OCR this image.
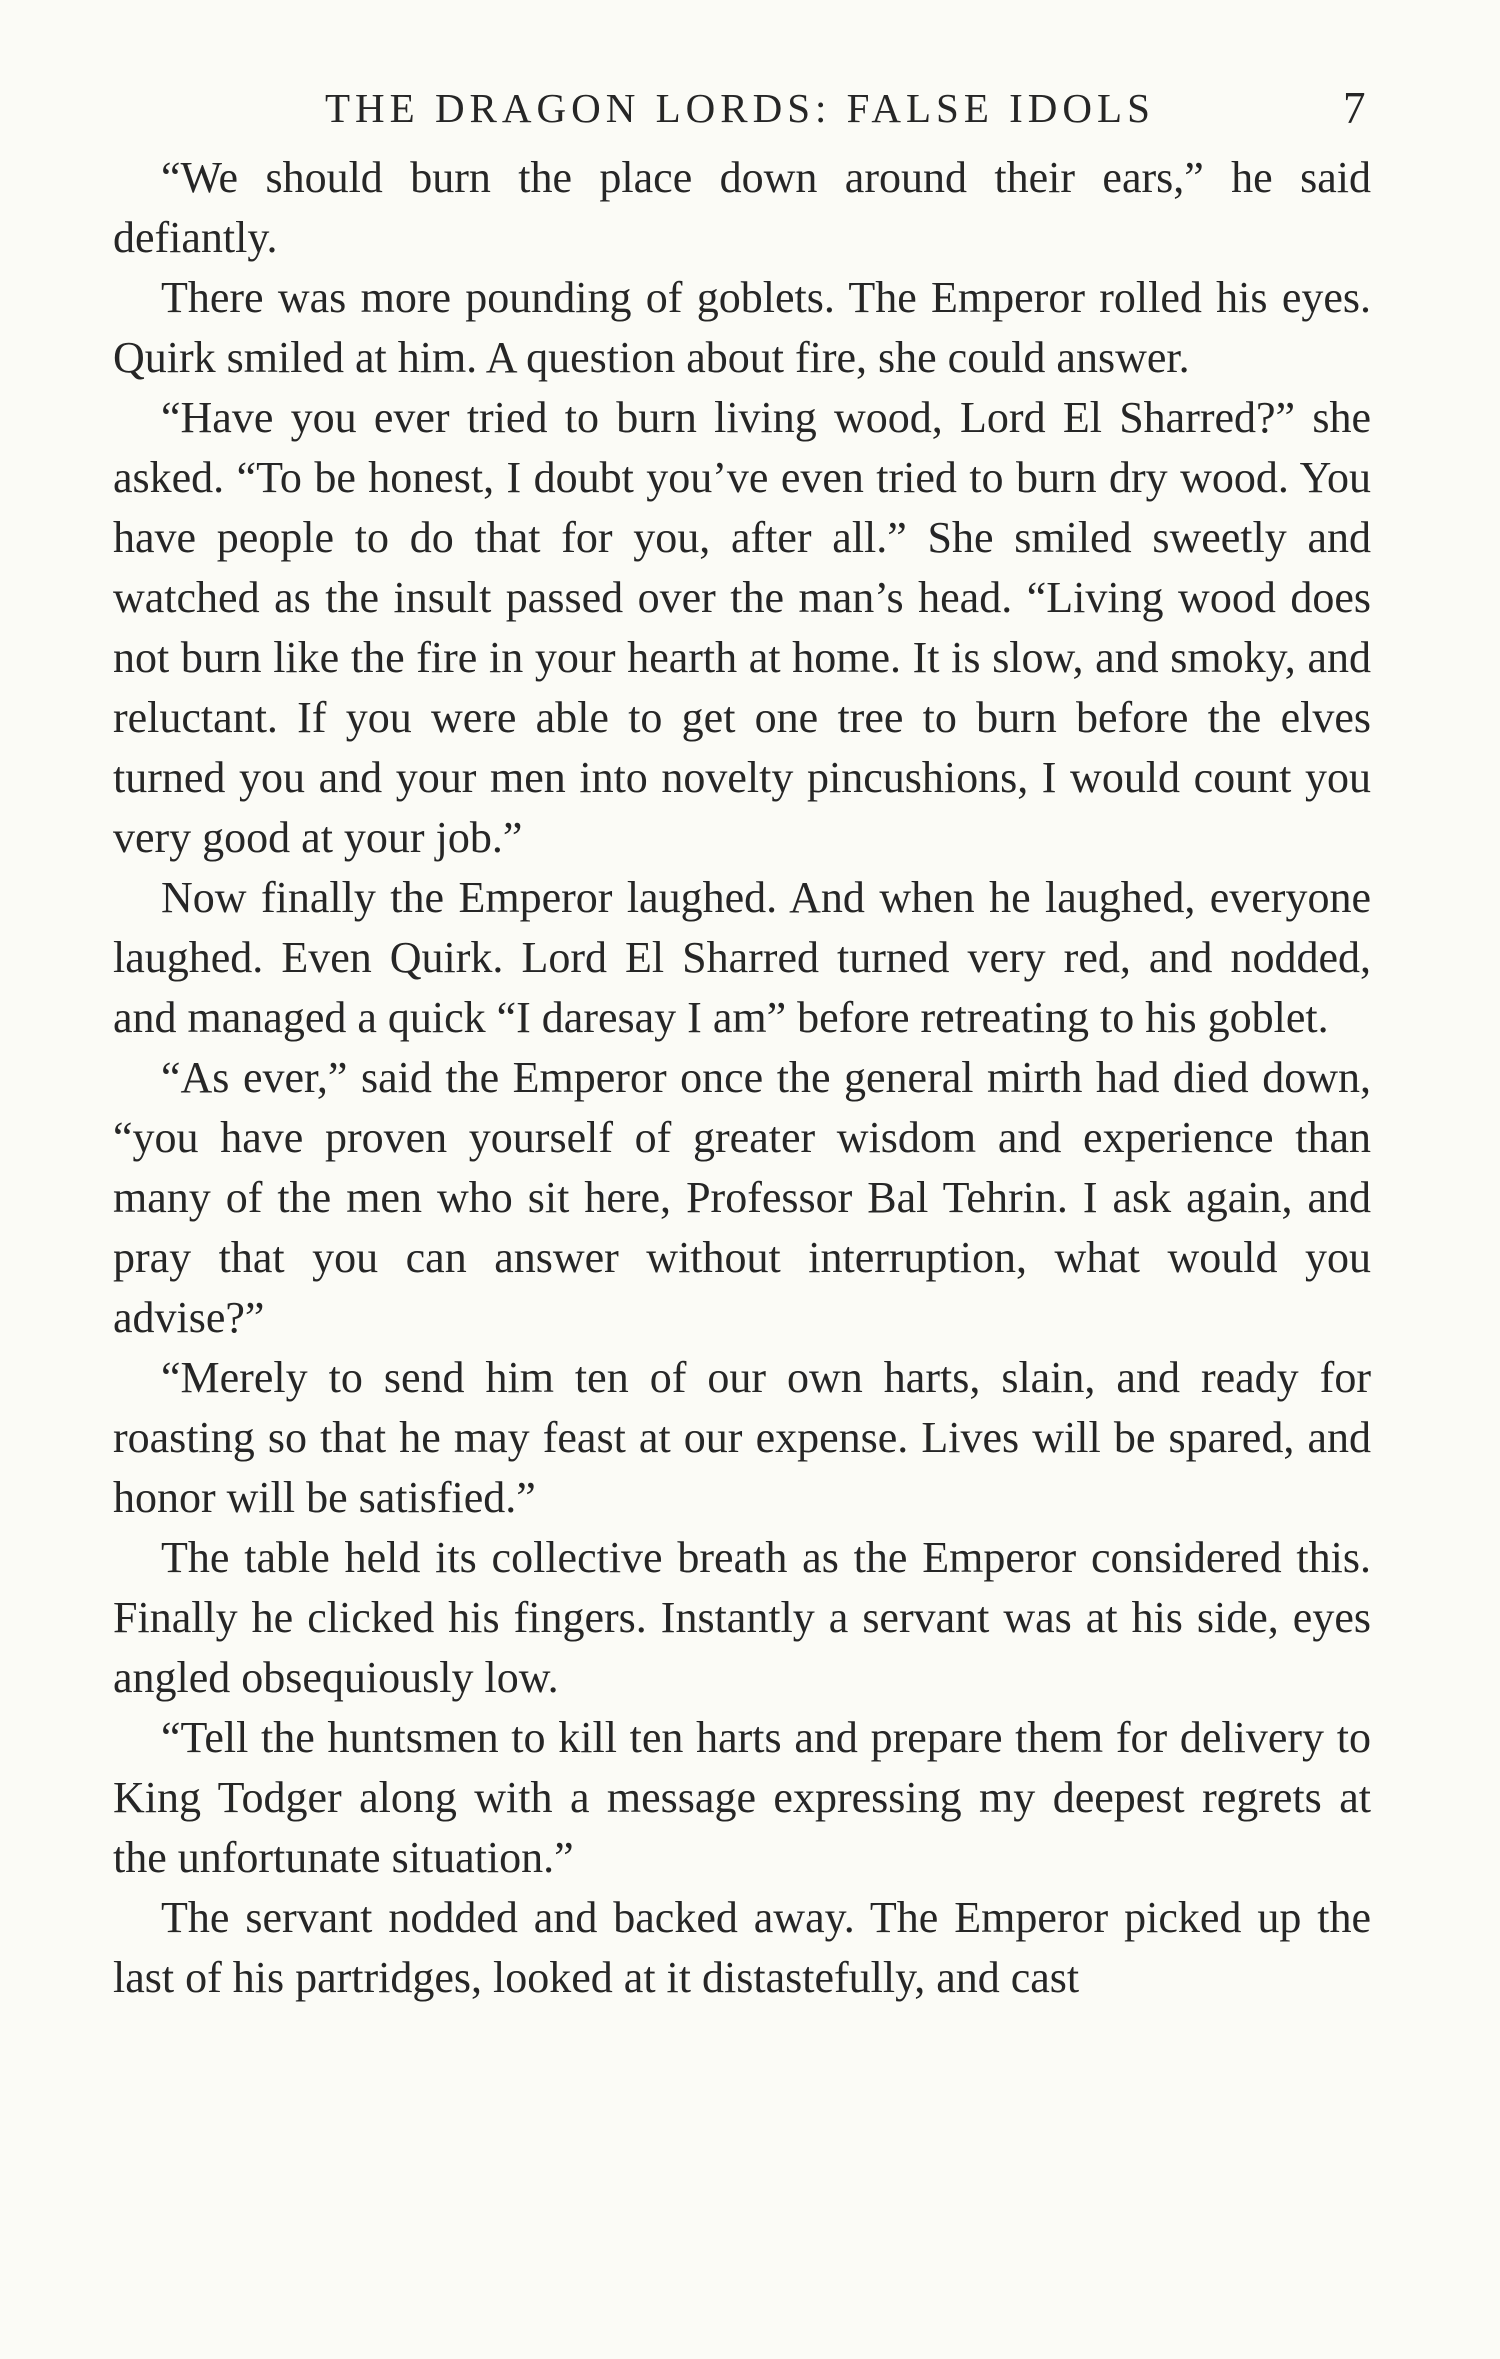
THE DRAGON LORDS: FALSE IDOLS	7

“We should burn the place down around their ears,” he said defiantly.

There was more pounding of goblets. The Emperor rolled his eyes. Quirk smiled at him. A question about fire, she could answer.

“Have you ever tried to burn living wood, Lord El Sharred?” she asked. “To be honest, I doubt you’ve even tried to burn dry wood. You have people to do that for you, after all.” She smiled sweetly and watched as the insult passed over the man’s head. “Living wood does not burn like the fire in your hearth at home. It is slow, and smoky, and reluctant. If you were able to get one tree to burn before the elves turned you and your men into novelty pincushions, I would count you very good at your job.”

Now finally the Emperor laughed. And when he laughed, everyone laughed. Even Quirk. Lord El Sharred turned very red, and nodded, and managed a quick “I daresay I am” before retreating to his goblet.

“As ever,” said the Emperor once the general mirth had died down, “you have proven yourself of greater wisdom and experience than many of the men who sit here, Professor Bal Tehrin. I ask again, and pray that you can answer without interruption, what would you advise?”

“Merely to send him ten of our own harts, slain, and ready for roasting so that he may feast at our expense. Lives will be spared, and honor will be satisfied.”

The table held its collective breath as the Emperor considered this. Finally he clicked his fingers. Instantly a servant was at his side, eyes angled obsequiously low.

“Tell the huntsmen to kill ten harts and prepare them for delivery to King Todger along with a message expressing my deepest regrets at the unfortunate situation.”

The servant nodded and backed away. The Emperor picked up the last of his partridges, looked at it distastefully, and cast
